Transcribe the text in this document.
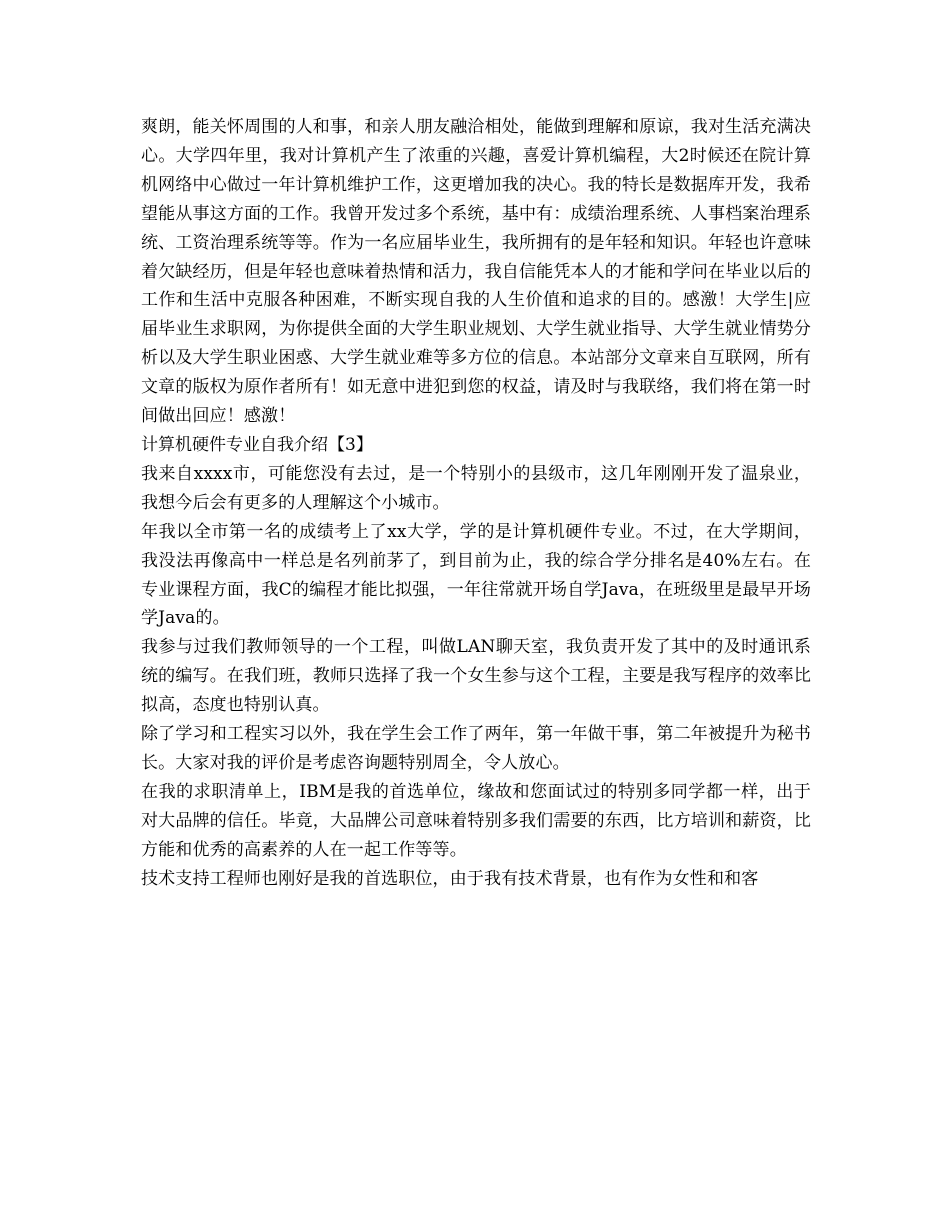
爽朗，能关怀周围的人和事，和亲人朋友融洽相处，能做到理解和原谅，我对生活充满决心。大学四年里，我对计算机产生了浓重的兴趣，喜爱计算机编程，大2时候还在院计算机网络中心做过一年计算机维护工作，这更增加我的决心。我的特长是数据库开发，我希望能从事这方面的工作。我曾开发过多个系统，基中有：成绩治理系统、人事档案治理系统、工资治理系统等等。作为一名应届毕业生，我所拥有的是年轻和知识。年轻也许意味着欠缺经历，但是年轻也意味着热情和活力，我自信能凭本人的才能和学问在毕业以后的工作和生活中克服各种困难，不断实现自我的人生价值和追求的目的。感激！大学生|应届毕业生求职网，为你提供全面的大学生职业规划、大学生就业指导、大学生就业情势分析以及大学生职业困惑、大学生就业难等多方位的信息。本站部分文章来自互联网，所有文章的版权为原作者所有！如无意中进犯到您的权益，请及时与我联络，我们将在第一时间做出回应！感激！

计算机硬件专业自我介绍【3】

我来自xxxx市，可能您没有去过，是一个特别小的县级市，这几年刚刚开发了温泉业，我想今后会有更多的人理解这个小城市。

年我以全市第一名的成绩考上了xx大学，学的是计算机硬件专业。不过，在大学期间，我没法再像高中一样总是名列前茅了，到目前为止，我的综合学分排名是40%左右。在专业课程方面，我C的编程才能比拟强，一年往常就开场自学Java，在班级里是最早开场学Java的。

我参与过我们教师领导的一个工程，叫做LAN聊天室，我负责开发了其中的及时通讯系统的编写。在我们班，教师只选择了我一个女生参与这个工程，主要是我写程序的效率比拟高，态度也特别认真。

除了学习和工程实习以外，我在学生会工作了两年，第一年做干事，第二年被提升为秘书长。大家对我的评价是考虑咨询题特别周全，令人放心。

在我的求职清单上，IBM是我的首选单位，缘故和您面试过的特别多同学都一样，出于对大品牌的信任。毕竟，大品牌公司意味着特别多我们需要的东西，比方培训和薪资，比方能和优秀的高素养的人在一起工作等等。

技术支持工程师也刚好是我的首选职位，由于我有技术背景，也有作为女性和和客
